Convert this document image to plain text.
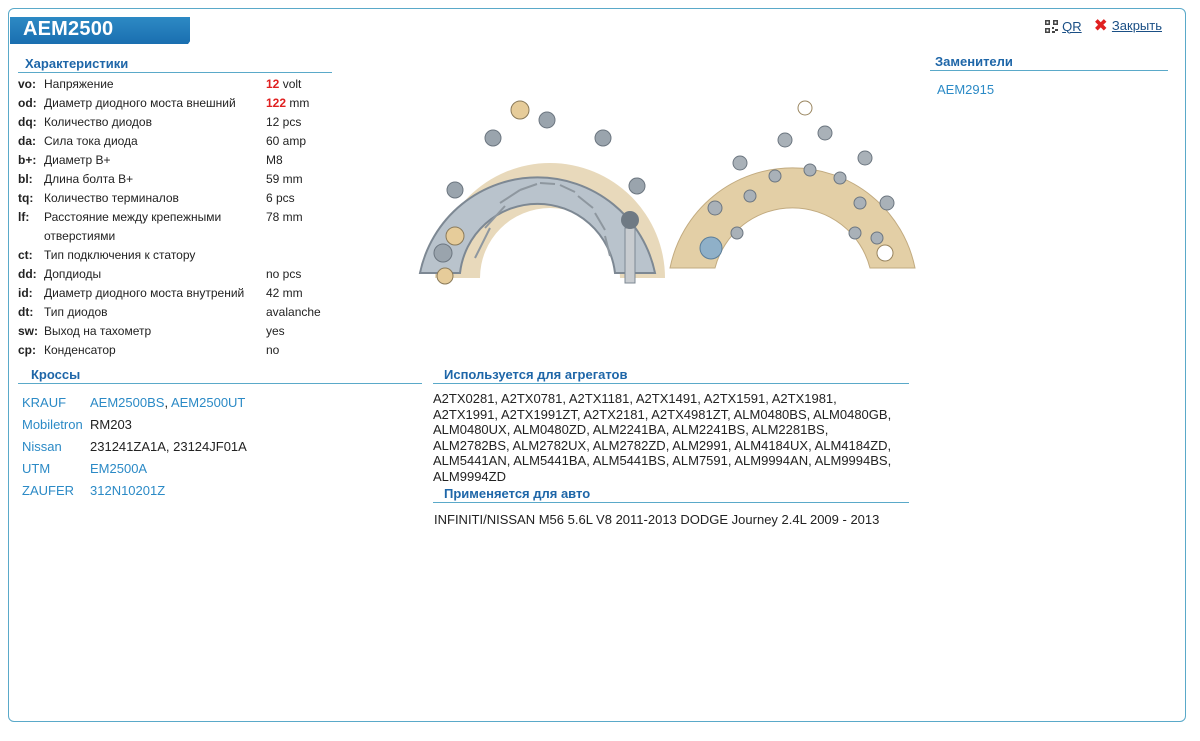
AEM2500	QR ✖ Закрыть
Характеристики
vo:	Напряжение	12 volt
od:	Диаметр диодного моста внешний	122 mm
dq:	Количество диодов	12 pcs
da:	Сила тока диода	60 amp
b+:	Диаметр В+	M8
bl:	Длина болта В+	59 mm
tq:	Количество терминалов	6 pcs
lf:	Расстояние между крепежными отверстиями	78 mm
ct:	Тип подключения к статору	
dd:	Допдиоды	no pcs
id:	Диаметр диодного моста внутрений	42 mm
dt:	Тип диодов	avalanche
sw:	Выход на тахометр	yes
cp:	Конденсатор	no
Кроссы
KRAUF	AEM2500BS, AEM2500UT
Mobiletron RM203
Nissan	231241ZA1A, 23124JF01A
UTM	EM2500A
ZAUFER	312N10201Z
Используется для агрегатов
A2TX0281, A2TX0781, A2TX1181, A2TX1491, A2TX1591, A2TX1981, A2TX1991, A2TX1991ZT, A2TX2181, A2TX4981ZT, ALM0480BS, ALM0480GB, ALM0480UX, ALM0480ZD, ALM2241BA, ALM2241BS, ALM2281BS, ALM2782BS, ALM2782UX, ALM2782ZD, ALM2991, ALM4184UX, ALM4184ZD, ALM5441AN, ALM5441BA, ALM5441BS, ALM7591, ALM9994AN, ALM9994BS, ALM9994ZD
Применяется для авто
INFINITI/NISSAN M56 5.6L V8 2011-2013 DODGE Journey 2.4L 2009 - 2013
Заменители
AEM2915
